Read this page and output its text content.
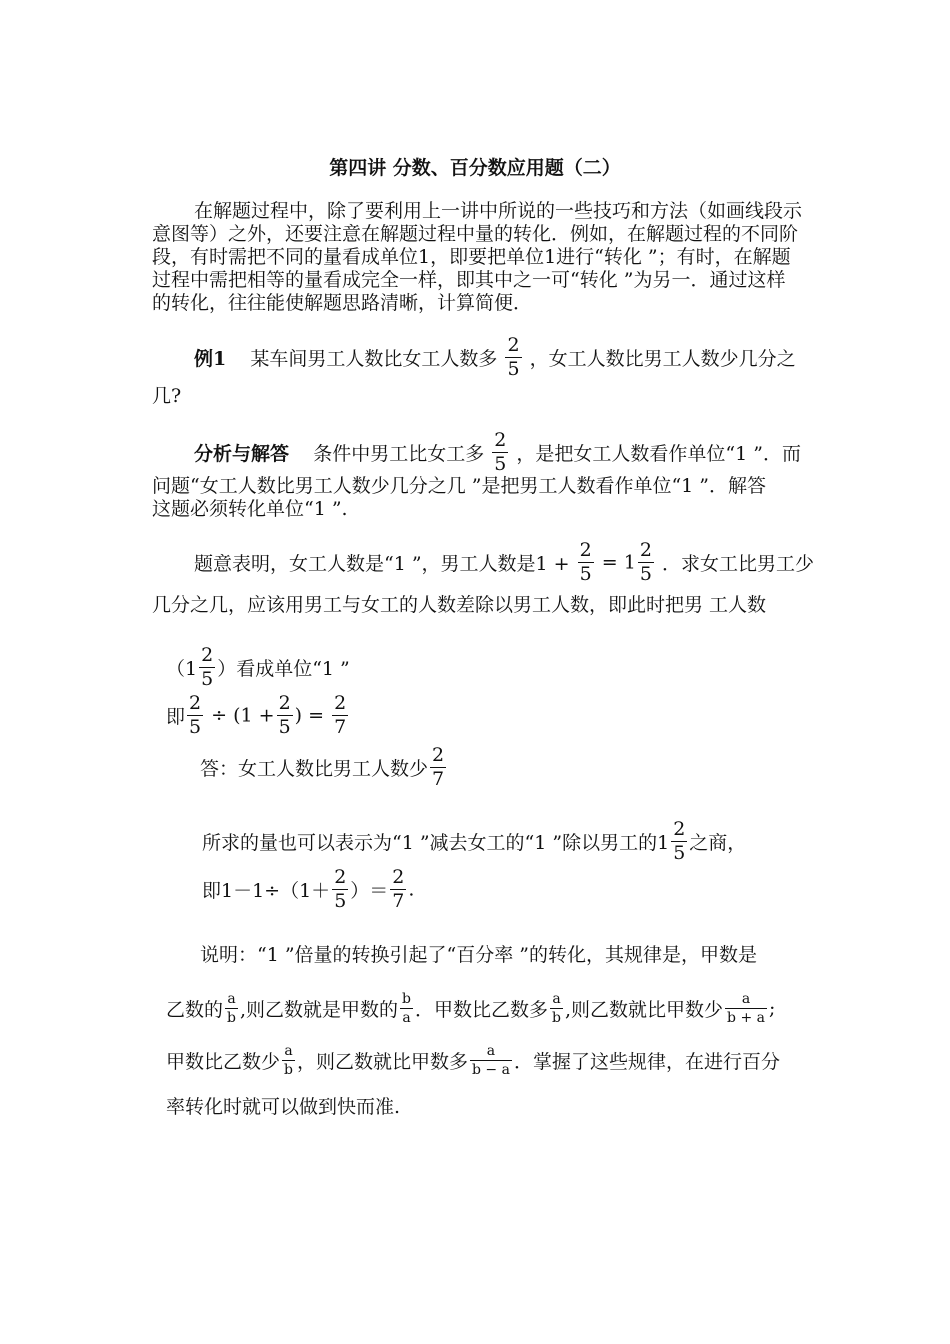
第四讲 分数、百分数应用题（二）
在解题过程中，除了要利用上一讲中所说的一些技巧和方法（如画线段示
意图等）之外，还要注意在解题过程中量的转化．例如，在解题过程的不同阶
段，有时需把不同的量看成单位1，即要把单位1进行“转化 ”；有时，在解题
过程中需把相等的量看成完全一样，即其中之一可“转化 ”为另一．通过这样
的转化，往往能使解题思路清晰，计算简便．
例1 某车间男工人数比女工人数多 $\frac{2}{5}$ ，女工人数比男工人数少几分之
几?
分析与解答 条件中男工比女工多 $\frac{2}{5}$ ，是把女工人数看作单位“1 ”．而
问题“女工人数比男工人数少几分之几 ”是把男工人数看作单位“1 ”．解答
这题必须转化单位“1 ”.
题意表明，女工人数是“1 ”，男工人数是$1 + \frac{2}{5} = 1 \frac{2}{5}$ ．求女工比男工少
几分之几，应该用男工与女工的人数差除以男工人数，即此时把男 工人数
（$1 \frac{2}{5}$ ）看成单位“1 ”
即 $\frac{2}{5} \div (1 + \frac{2}{5}$ ) = $\frac{2}{7}$
答：女工人数比男工人数少 $\frac{2}{7}$
所求的量也可以表示为“1 ”减去女工的“1 ”除以男工的$1 \frac{2}{5}$ 之商，
即$1-1\div(1+ \frac{2}{5}$ ）＝ $\frac{2}{7}$ .
说明：“1 ”倍量的转换引起了“百分率 ”的转化，其规律是，甲数是
乙数的 $\frac{a}{b}$ ,则乙数就是甲数的 $\frac{b}{a}$ ．甲数比乙数多 $\frac{a}{b}$ ,则乙数就比甲数少 $\frac{a}{b + a}$ ;
甲数比乙数少 $\frac{a}{b}$ ，则乙数就比甲数多 $\frac{a}{b - a}$ ．掌握了这些规律，在进行百分
率转化时就可以做到快而准.
